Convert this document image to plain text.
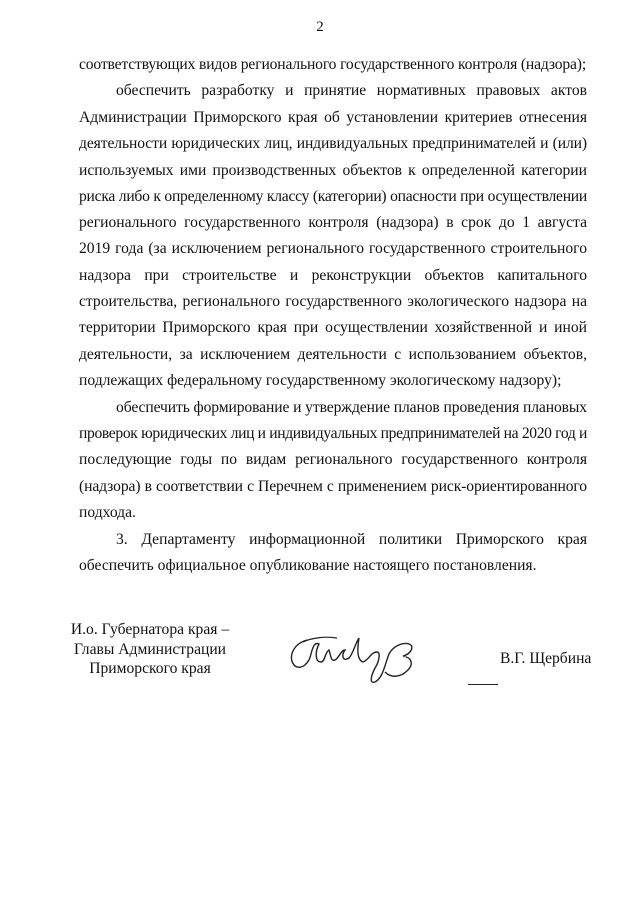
2
соответствующих видов регионального государственного контроля (надзора);
обеспечить разработку и принятие нормативных правовых актов
Администрации Приморского края об установлении критериев отнесения
деятельности юридических лиц, индивидуальных предпринимателей и (или)
используемых ими производственных объектов к определенной категории
риска либо к определенному классу (категории) опасности при осуществлении
регионального государственного контроля (надзора) в срок до 1 августа
2019 года (за исключением регионального государственного строительного
надзора при строительстве и реконструкции объектов капитального
строительства, регионального государственного экологического надзора на
территории Приморского края при осуществлении хозяйственной и иной
деятельности, за исключением деятельности с использованием объектов,
подлежащих федеральному государственному экологическому надзору);
обеспечить формирование и утверждение планов проведения плановых
проверок юридических лиц и индивидуальных предпринимателей на 2020 год и
последующие годы по видам регионального государственного контроля
(надзора) в соответствии с Перечнем с применением риск-ориентированного
подхода.
3. Департаменту информационной политики Приморского края
обеспечить официальное опубликование настоящего постановления.
И.о. Губернатора края –
Главы Администрации
Приморского края
В.Г. Щербина
